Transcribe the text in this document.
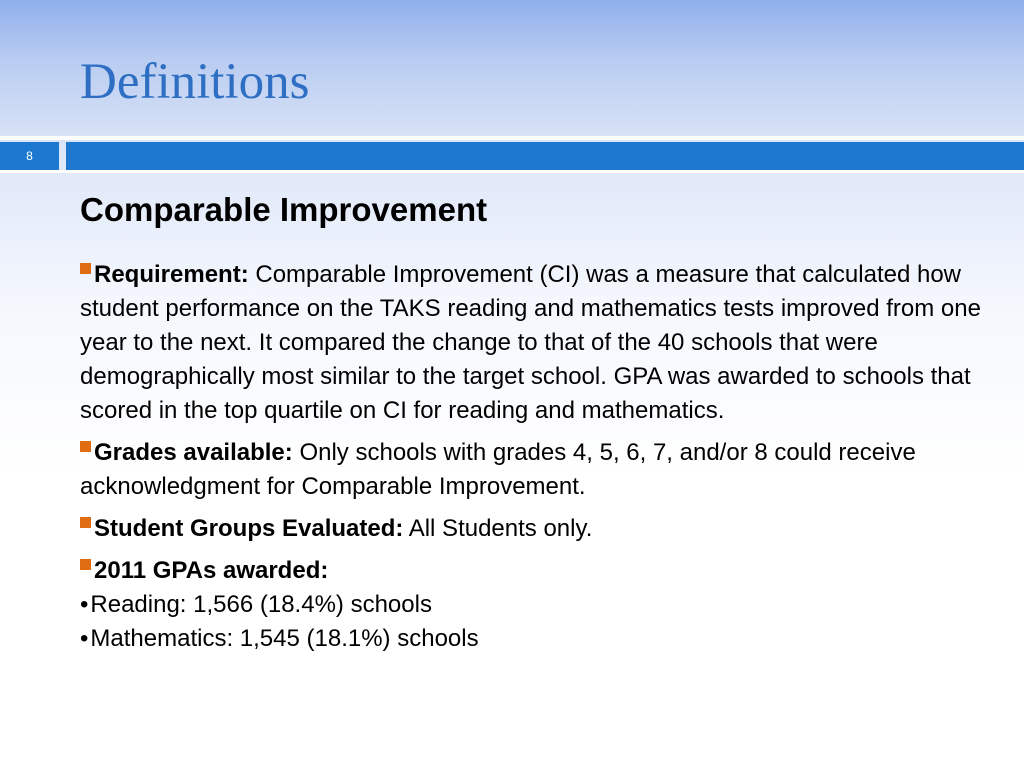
Definitions
8
Comparable Improvement

Requirement: Comparable Improvement (CI) was a measure that calculated how student performance on the TAKS reading and mathematics tests improved from one year to the next. It compared the change to that of the 40 schools that were demographically most similar to the target school. GPA was awarded to schools that scored in the top quartile on CI for reading and mathematics.

Grades available: Only schools with grades 4, 5, 6, 7, and/or 8 could receive acknowledgment for Comparable Improvement.

Student Groups Evaluated: All Students only.

2011 GPAs awarded:

•Reading: 1,566 (18.4%) schools

•Mathematics: 1,545 (18.1%) schools
